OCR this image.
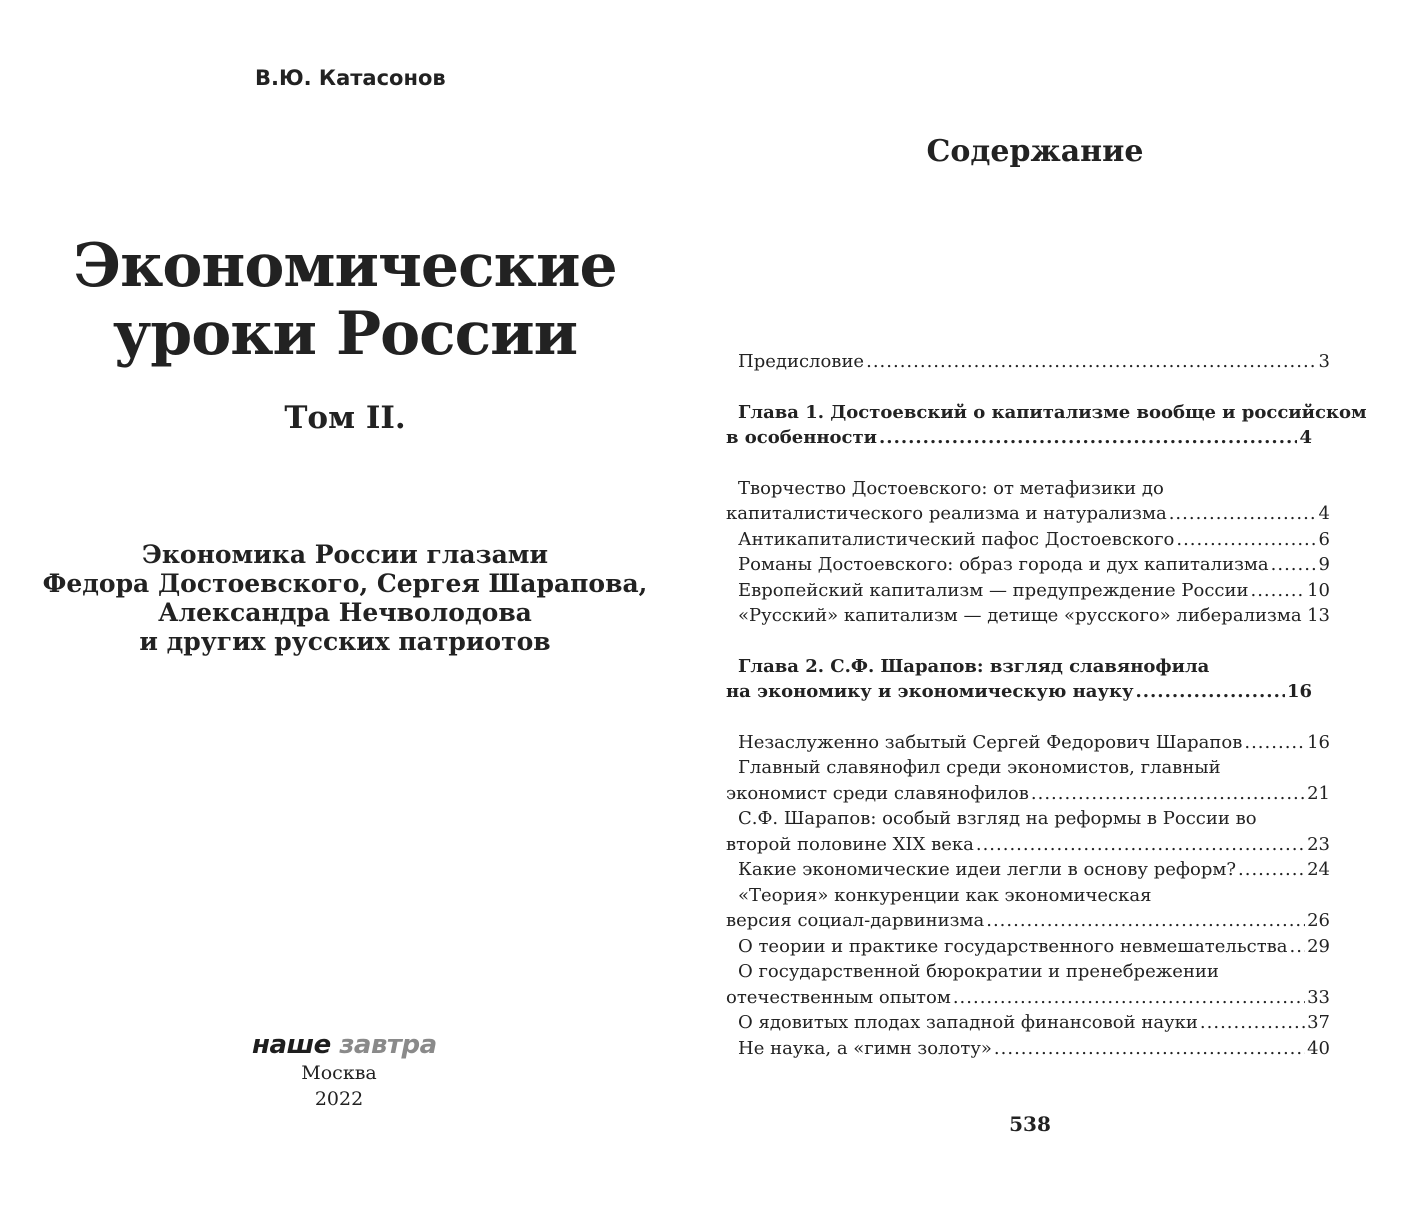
В.Ю. Катасонов
Экономические
уроки России
Том II.
Экономика России глазами
Федора Достоевского, Сергея Шарапова,
Александра Нечволодова
и других русских патриотов
наше завтра
Москва
2022
Содержание
Предисловие .....	3
Глава 1. Достоевский о капитализме вообще и российском
в особенности .....	4
Творчество Достоевского: от метафизики до
капиталистического реализма и натурализма .....	4
Антикапиталистический пафос Достоевского .....	6
Романы Достоевского: образ города и дух капитализма .....	9
Европейский капитализм — предупреждение России .....	10
«Русский» капитализм — детище «русского» либерализма ..... 13
Глава 2. С.Ф. Шарапов: взгляд славянофила
на экономику и экономическую науку .....	16
Незаслуженно забытый Сергей Федорович Шарапов .....	16
Главный славянофил среди экономистов, главный
экономист среди славянофилов .....	21
С.Ф. Шарапов: особый взгляд на реформы в России во
второй половине XIX века .....	23
Какие экономические идеи легли в основу реформ? .....	24
«Теория» конкуренции как экономическая
версия социал-дарвинизма .....	26
О теории и практике государственного невмешательства ..... 29
О государственной бюрократии и пренебрежении
отечественным опытом .....	33
О ядовитых плодах западной финансовой науки .....	37
Не наука, а «гимн золоту» .....	40
538
